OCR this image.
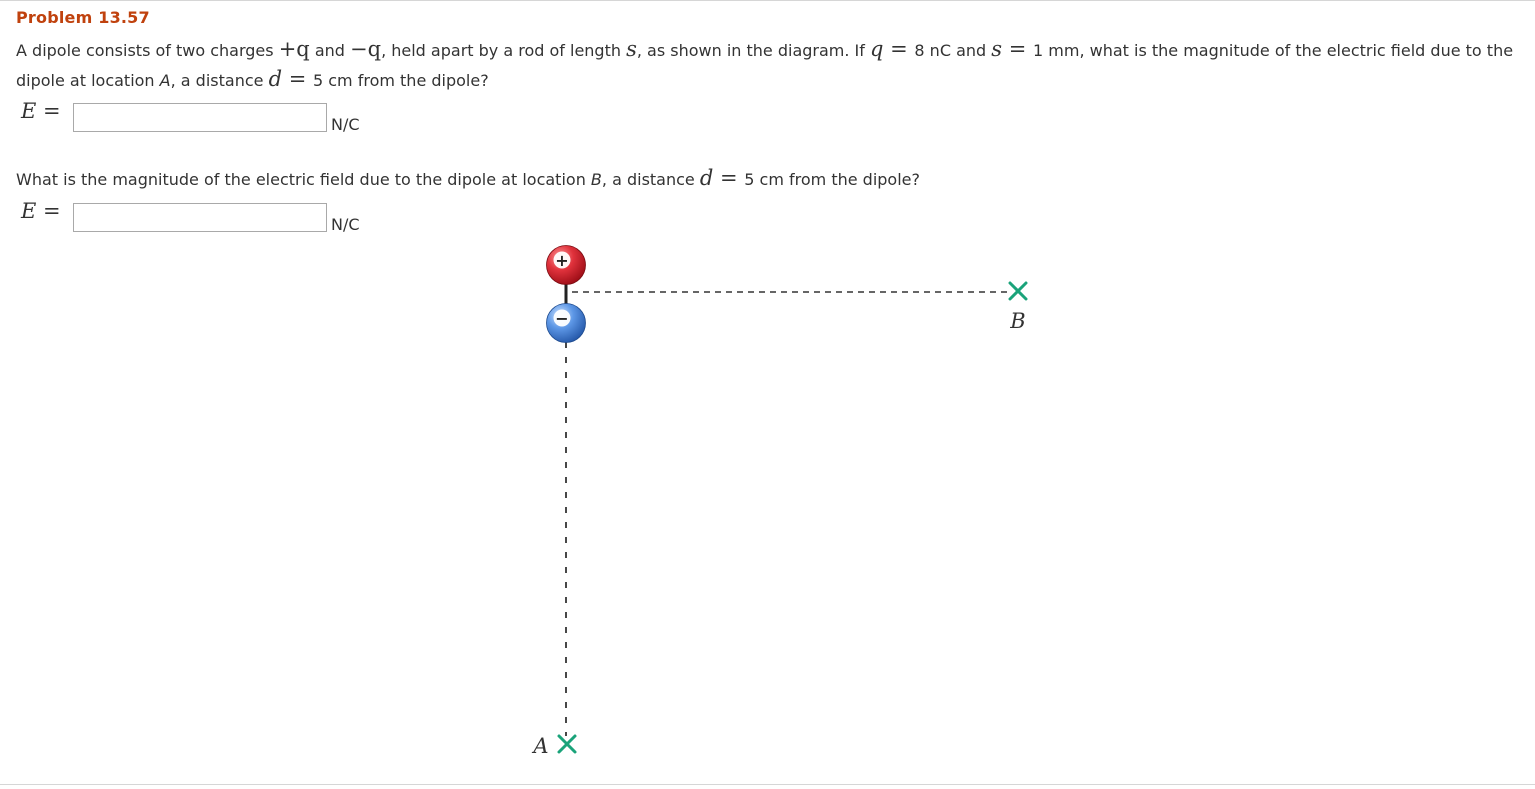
Problem 13.57
A dipole consists of two charges +q and −q, held apart by a rod of length s, as shown in the diagram. If q = 8 nC and s = 1 mm, what is the magnitude of the electric field due to the dipole at location A, a distance d = 5 cm from the dipole?
E =
N/C
What is the magnitude of the electric field due to the dipole at location B, a distance d = 5 cm from the dipole?
E =
N/C
+
−	B
A
